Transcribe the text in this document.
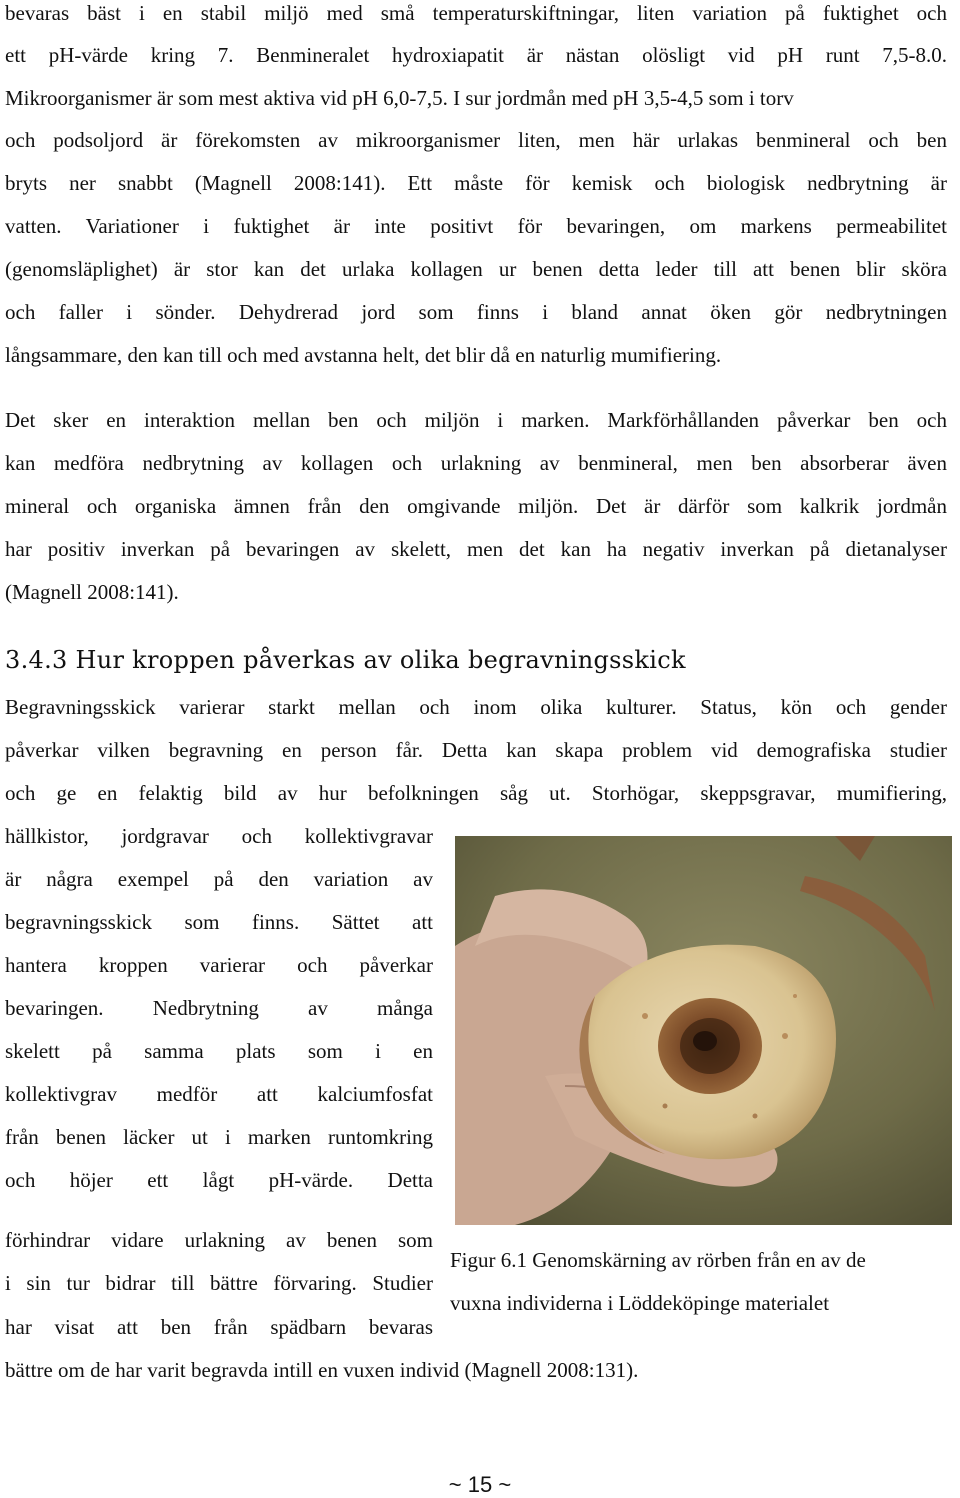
bevaras bäst i en stabil miljö med små temperaturskiftningar, liten variation på fuktighet och

ett pH-värde kring 7. Benmineralet hydroxiapatit är nästan olösligt vid pH runt 7,5-8.0.

Mikroorganismer är som mest aktiva vid pH 6,0-7,5. I sur jordmån med pH 3,5-4,5 som i torv

och podsoljord är förekomsten av mikroorganismer liten, men här urlakas benmineral och ben

bryts ner snabbt (Magnell 2008:141). Ett måste för kemisk och biologisk nedbrytning är

vatten. Variationer i fuktighet är inte positivt för bevaringen, om markens permeabilitet

(genomsläplighet) är stor kan det urlaka kollagen ur benen detta leder till att benen blir sköra

och faller i sönder. Dehydrerad jord som finns i bland annat öken gör nedbrytningen

långsammare, den kan till och med avstanna helt, det blir då en naturlig mumifiering.

Det sker en interaktion mellan ben och miljön i marken. Markförhållanden påverkar ben och

kan medföra nedbrytning av kollagen och urlakning av benmineral, men ben absorberar även

mineral och organiska ämnen från den omgivande miljön. Det är därför som kalkrik jordmån

har positiv inverkan på bevaringen av skelett, men det kan ha negativ inverkan på dietanalyser

(Magnell 2008:141).

3.4.3 Hur kroppen påverkas av olika begravningsskick

Begravningsskick varierar starkt mellan och inom olika kulturer. Status, kön och gender

påverkar vilken begravning en person får. Detta kan skapa problem vid demografiska studier

och ge en felaktig bild av hur befolkningen såg ut. Storhögar, skeppsgravar, mumifiering,

hällkistor, jordgravar och kollektivgravar

är några exempel på den variation av

begravningsskick som finns. Sättet att

hantera kroppen varierar och påverkar

bevaringen. Nedbrytning av många

skelett på samma plats som i en

kollektivgrav medför att kalciumfosfat

från benen läcker ut i marken runtomkring

och höjer ett lågt pH-värde. Detta

förhindrar vidare urlakning av benen som

i sin tur bidrar till bättre förvaring. Studier

har visat att ben från spädbarn bevaras

bättre om de har varit begravda intill en vuxen individ (Magnell 2008:131).

Figur 6.1 Genomskärning av rörben från en av de

vuxna individerna i Löddeköpinge materialet

~ 15 ~
